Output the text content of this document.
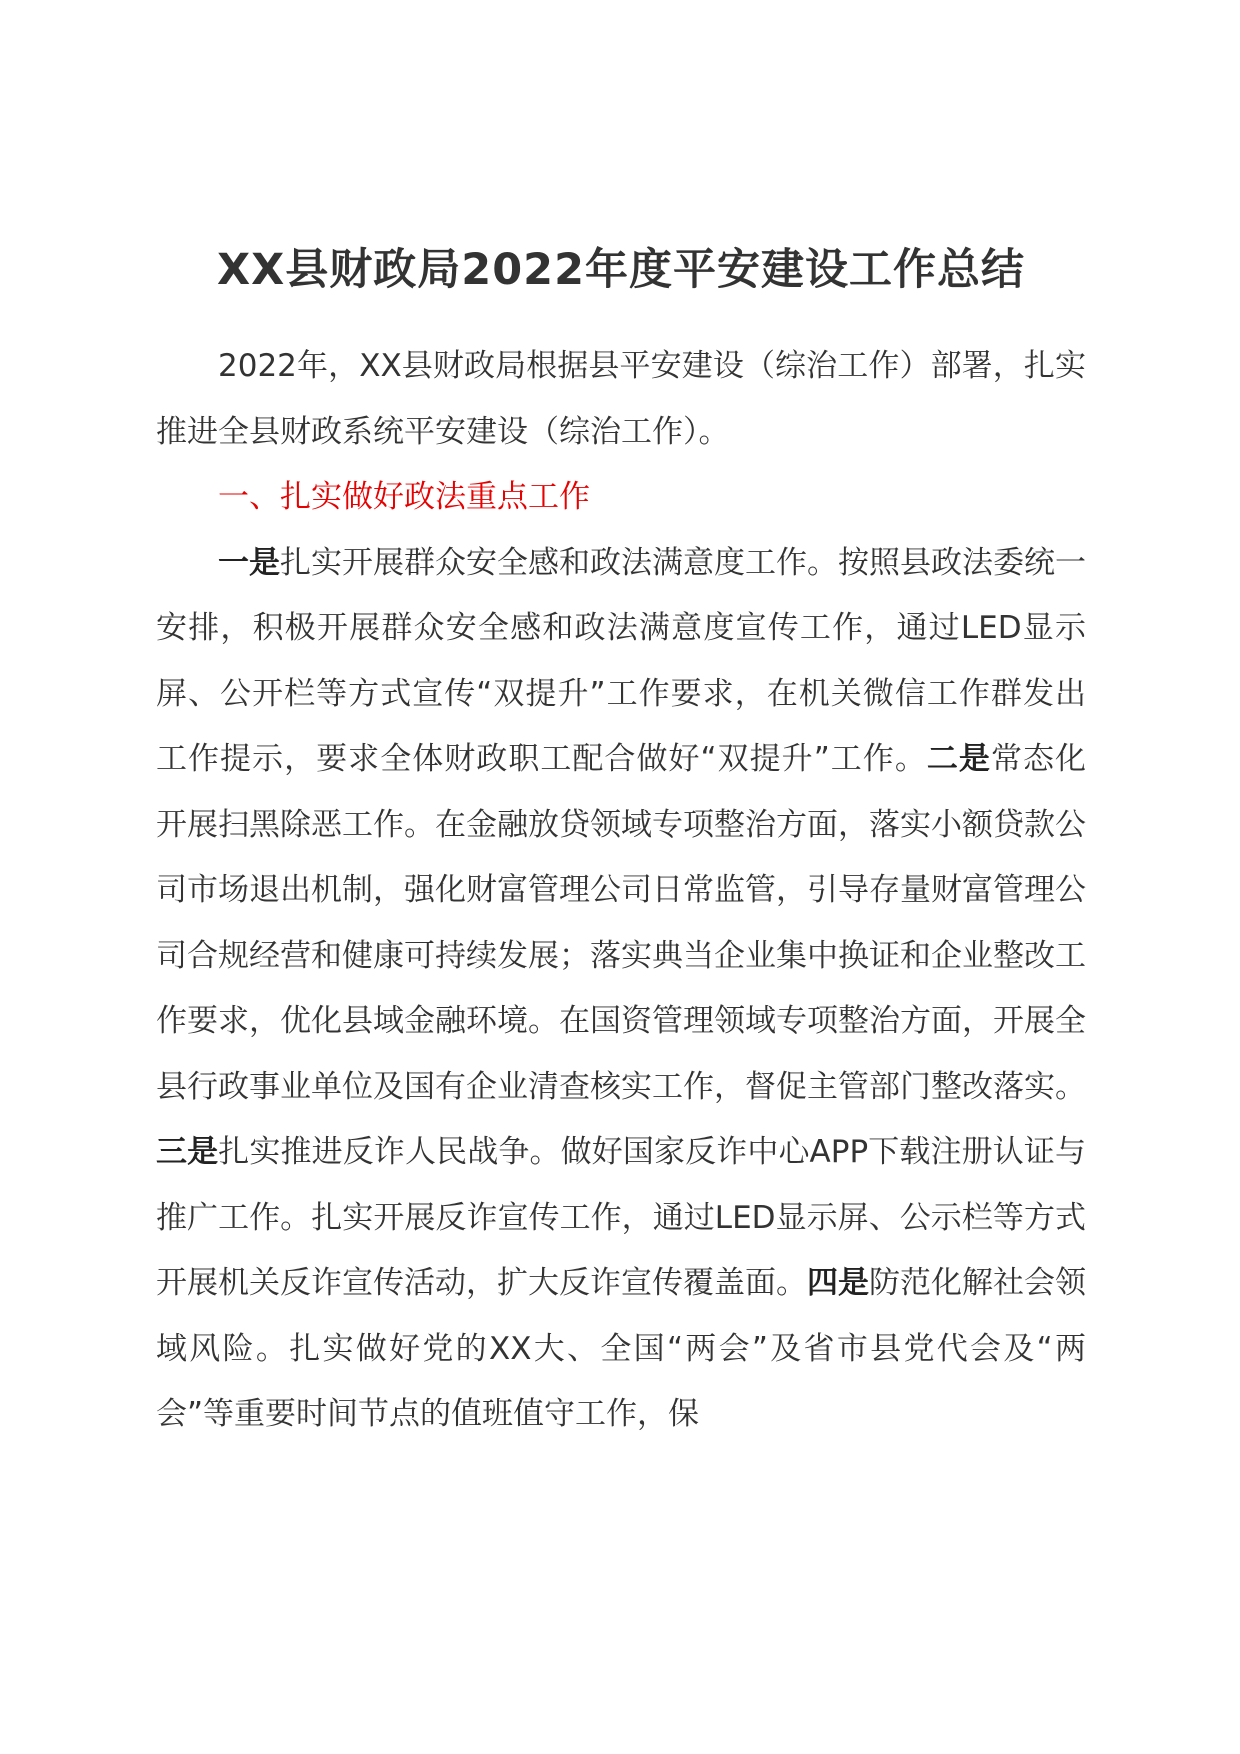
XX县财政局2022年度平安建设工作总结

2022年，XX县财政局根据县平安建设（综治工作）部署，扎实推进全县财政系统平安建设（综治工作）。

一、扎实做好政法重点工作

一是扎实开展群众安全感和政法满意度工作。按照县政法委统一安排，积极开展群众安全感和政法满意度宣传工作，通过LED显示屏、公开栏等方式宣传“双提升”工作要求，在机关微信工作群发出工作提示，要求全体财政职工配合做好“双提升”工作。二是常态化开展扫黑除恶工作。在金融放贷领域专项整治方面，落实小额贷款公司市场退出机制，强化财富管理公司日常监管，引导存量财富管理公司合规经营和健康可持续发展；落实典当企业集中换证和企业整改工作要求，优化县域金融环境。在国资管理领域专项整治方面，开展全县行政事业单位及国有企业清查核实工作，督促主管部门整改落实。三是扎实推进反诈人民战争。做好国家反诈中心APP下载注册认证与推广工作。扎实开展反诈宣传工作，通过LED显示屏、公示栏等方式开展机关反诈宣传活动，扩大反诈宣传覆盖面。四是防范化解社会领域风险。扎实做好党的XX大、全国“两会”及省市县党代会及“两会”等重要时间节点的值班值守工作，保
